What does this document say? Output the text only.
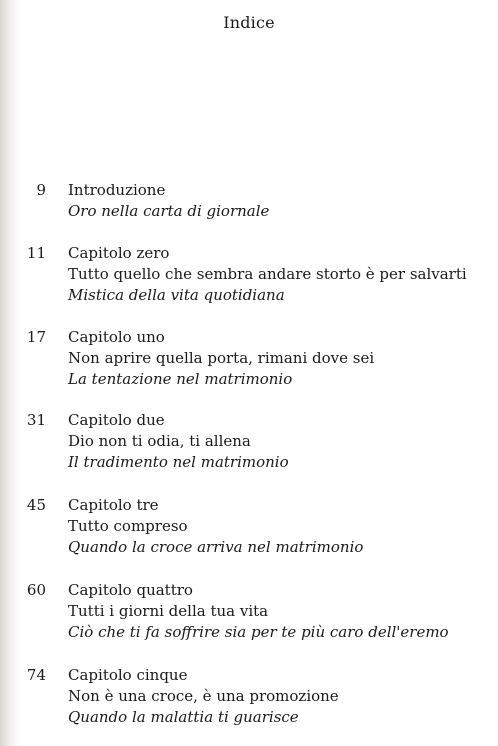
Indice
9 Introduzione
Oro nella carta di giornale
11 Capitolo zero
Tutto quello che sembra andare storto è per salvarti
Mistica della vita quotidiana
17 Capitolo uno
Non aprire quella porta, rimani dove sei
La tentazione nel matrimonio
31 Capitolo due
Dio non ti odia, ti allena
Il tradimento nel matrimonio
45 Capitolo tre
Tutto compreso
Quando la croce arriva nel matrimonio
60 Capitolo quattro
Tutti i giorni della tua vita
Ciò che ti fa soffrire sia per te più caro dell'eremo
74 Capitolo cinque
Non è una croce, è una promozione
Quando la malattia ti guarisce
